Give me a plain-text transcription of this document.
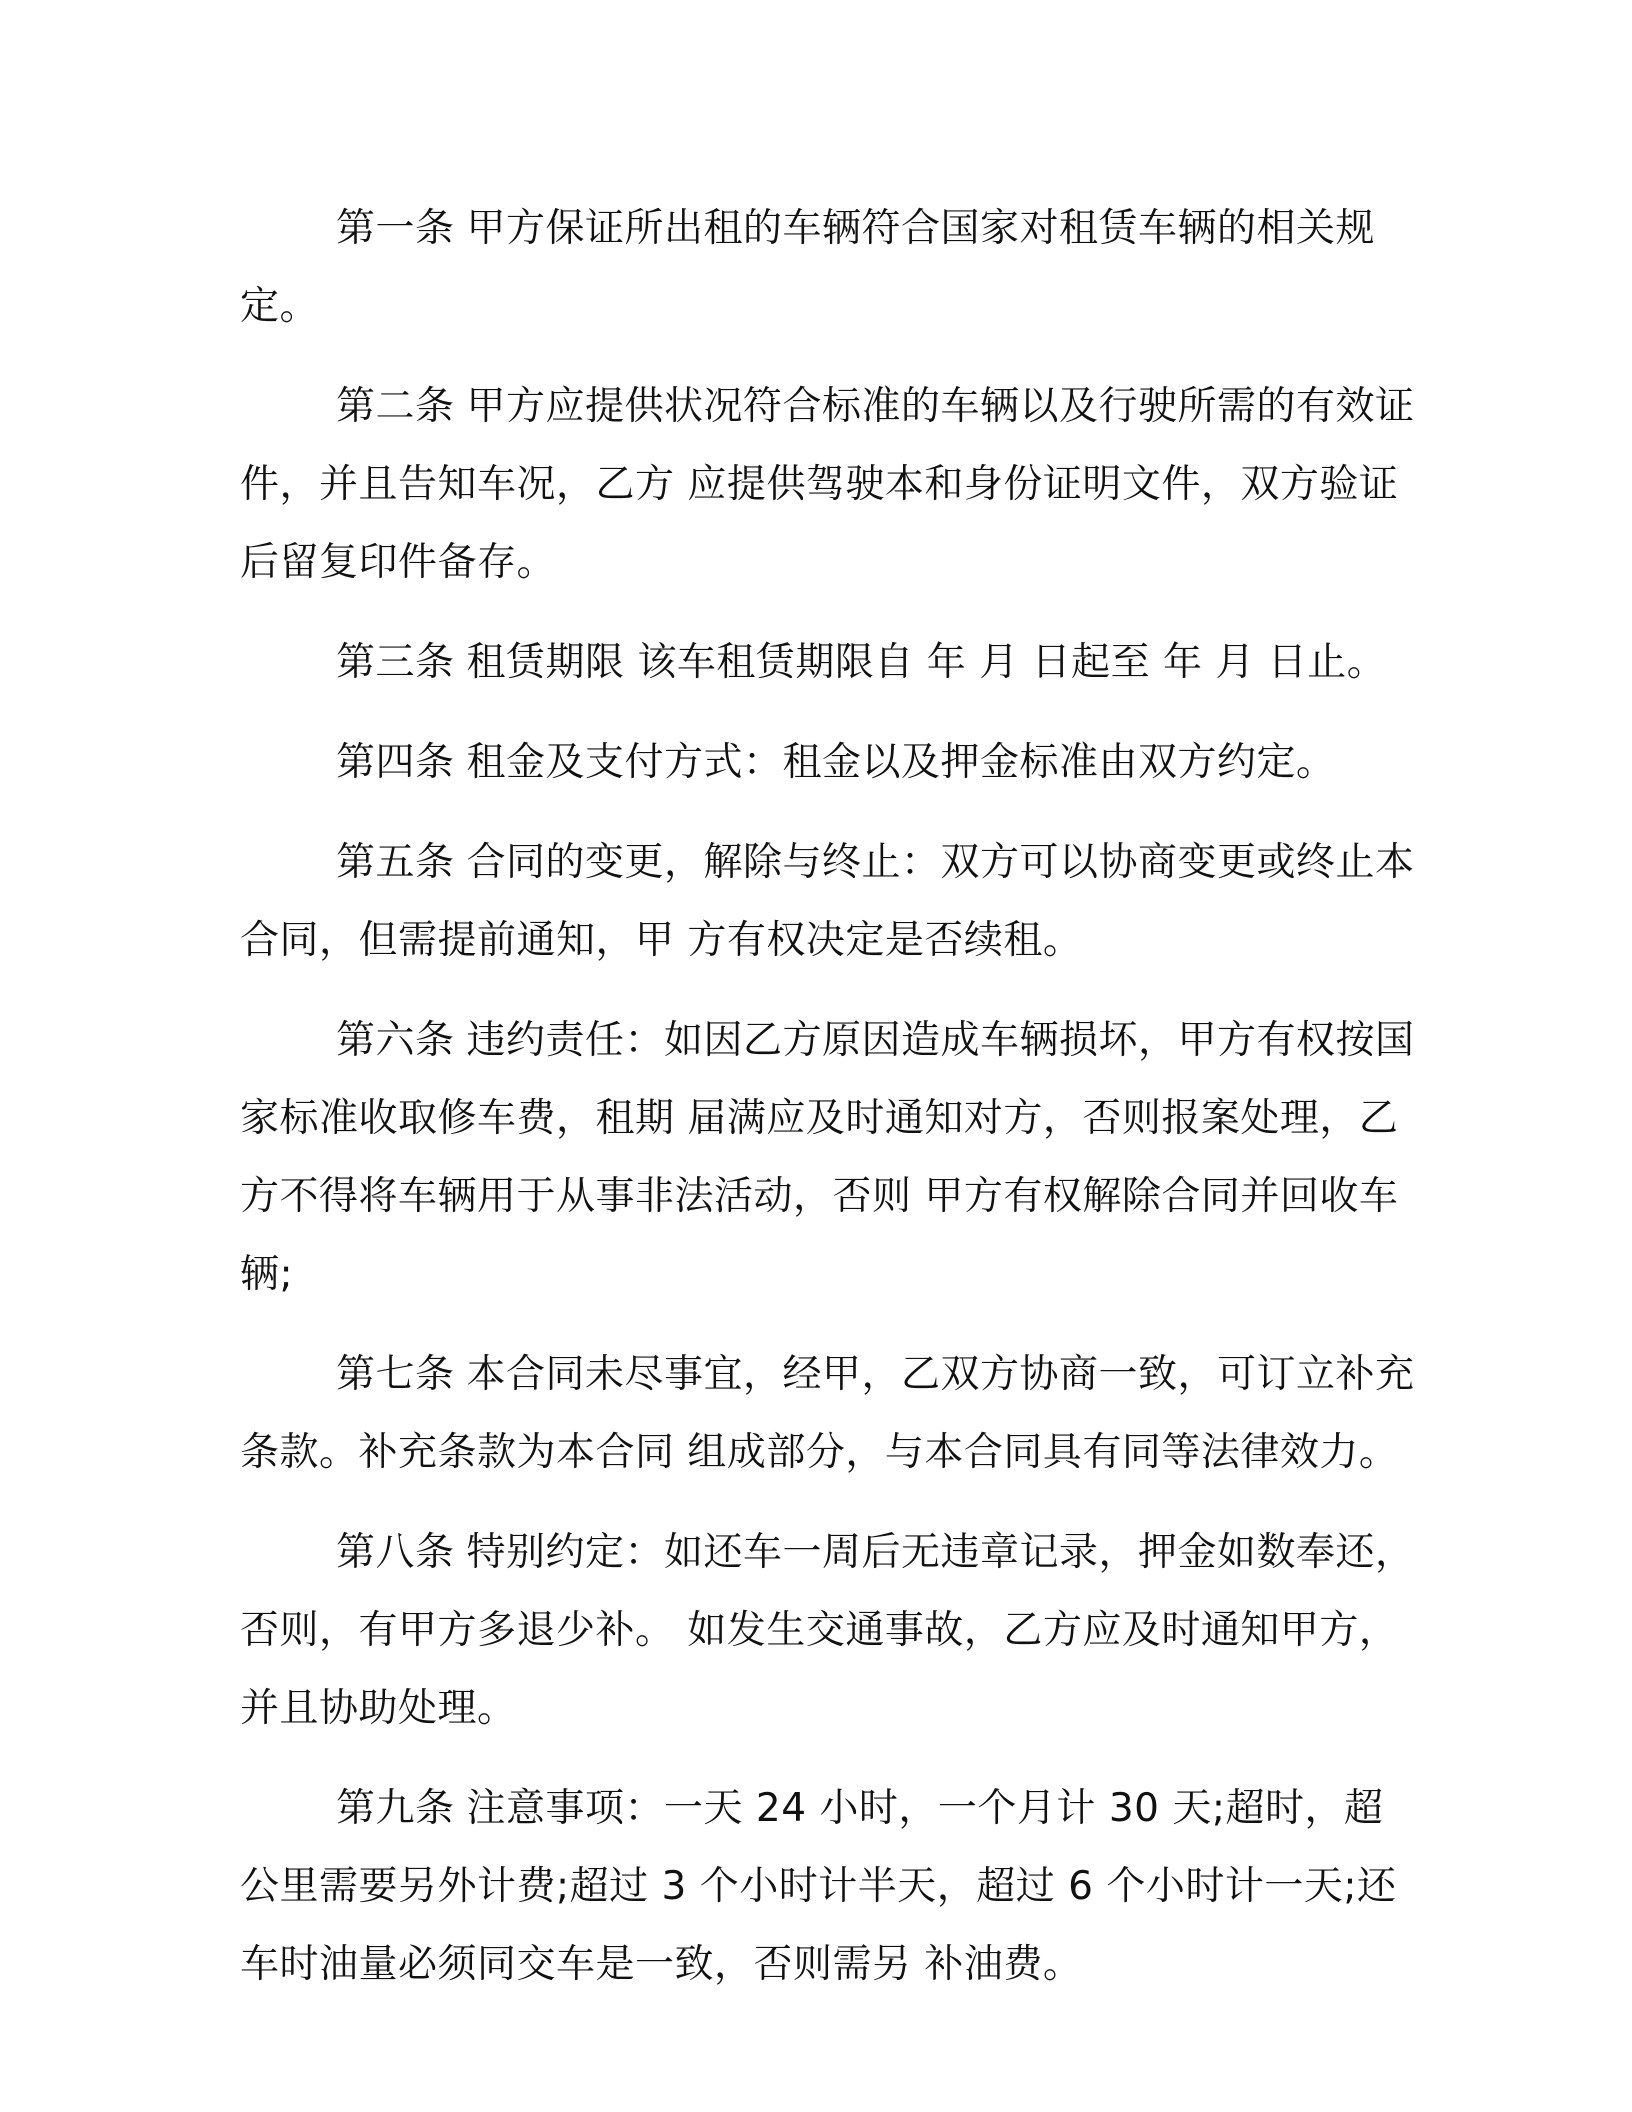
第一条 甲方保证所出租的车辆符合国家对租赁车辆的相关规定。

第二条 甲方应提供状况符合标准的车辆以及行驶所需的有效证件，并且告知车况，乙方 应提供驾驶本和身份证明文件，双方验证后留复印件备存。

第三条 租赁期限 该车租赁期限自 年 月 日起至 年 月 日止。

第四条 租金及支付方式：租金以及押金标准由双方约定。

第五条 合同的变更，解除与终止：双方可以协商变更或终止本合同，但需提前通知，甲 方有权决定是否续租。

第六条 违约责任：如因乙方原因造成车辆损坏，甲方有权按国家标准收取修车费，租期 届满应及时通知对方，否则报案处理，乙方不得将车辆用于从事非法活动，否则 甲方有权解除合同并回收车辆;

第七条 本合同未尽事宜，经甲，乙双方协商一致，可订立补充条款。补充条款为本合同 组成部分，与本合同具有同等法律效力。

第八条 特别约定：如还车一周后无违章记录，押金如数奉还，否则，有甲方多退少补。 如发生交通事故，乙方应及时通知甲方，并且协助处理。

第九条 注意事项：一天 24 小时，一个月计 30 天;超时，超公里需要另外计费;超过 3 个小时计半天，超过 6 个小时计一天;还车时油量必须同交车是一致，否则需另 补油费。
